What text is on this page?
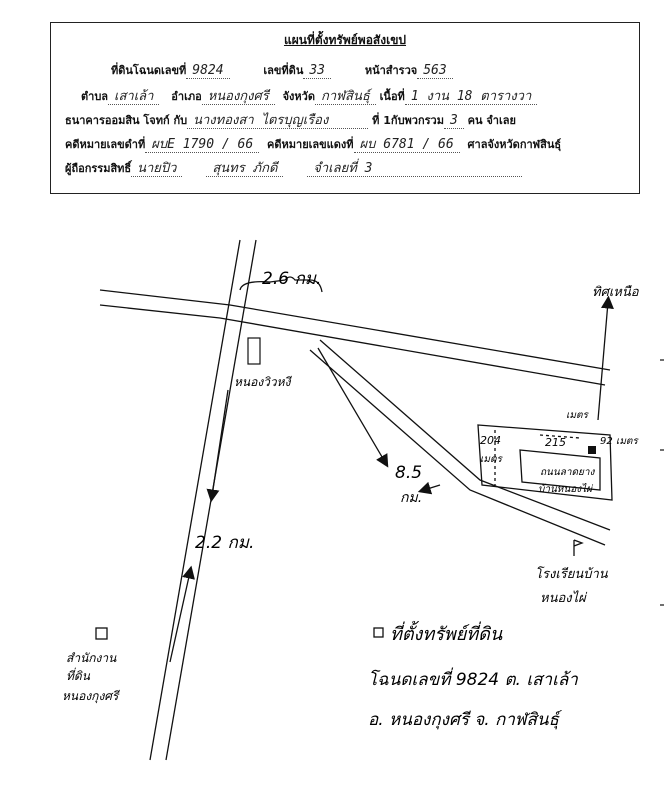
แผนที่ตั้งทรัพย์พอสังเขป
ที่ดินโฉนดเลขที่ 9824	เลขที่ดิน 33	หน้าสำรวจ 563
ตำบล เสาเล้า อำเภอ หนองกุงศรี จังหวัด กาฬสินธุ์ เนื้อที่ 1 งาน 18 ตารางวา
ธนาคารออมสิน โจทก์ กับ นางทองสา ไตรบุญเรือง	ที่ 1กับพวกรวม 3 คน จำเลย
คดีหมายเลขดำที่ ผบE 1790 / 66 คดีหมายเลขแดงที่ ผบ 6781 / 66 ศาลจังหวัดกาฬสินธุ์
ผู้ถือกรรมสิทธิ์ นายปิว	สุนทร ภักดี	จำเลยที่ 3
2.6 กม.
หนองวิวหงี
8.5
กม.
2.2 กม.
ทิศเหนือ
204
เมตร
215
เมตร
92 เมตร
ถนนลาดยาง
บ้านหนองไผ่
โรงเรียนบ้าน
หนองไผ่
สำนักงาน
ที่ดิน
หนองกุงศรี
ที่ตั้งทรัพย์ที่ดิน
โฉนดเลขที่ 9824 ต. เสาเล้า
อ. หนองกุงศรี จ. กาฬสินธุ์
